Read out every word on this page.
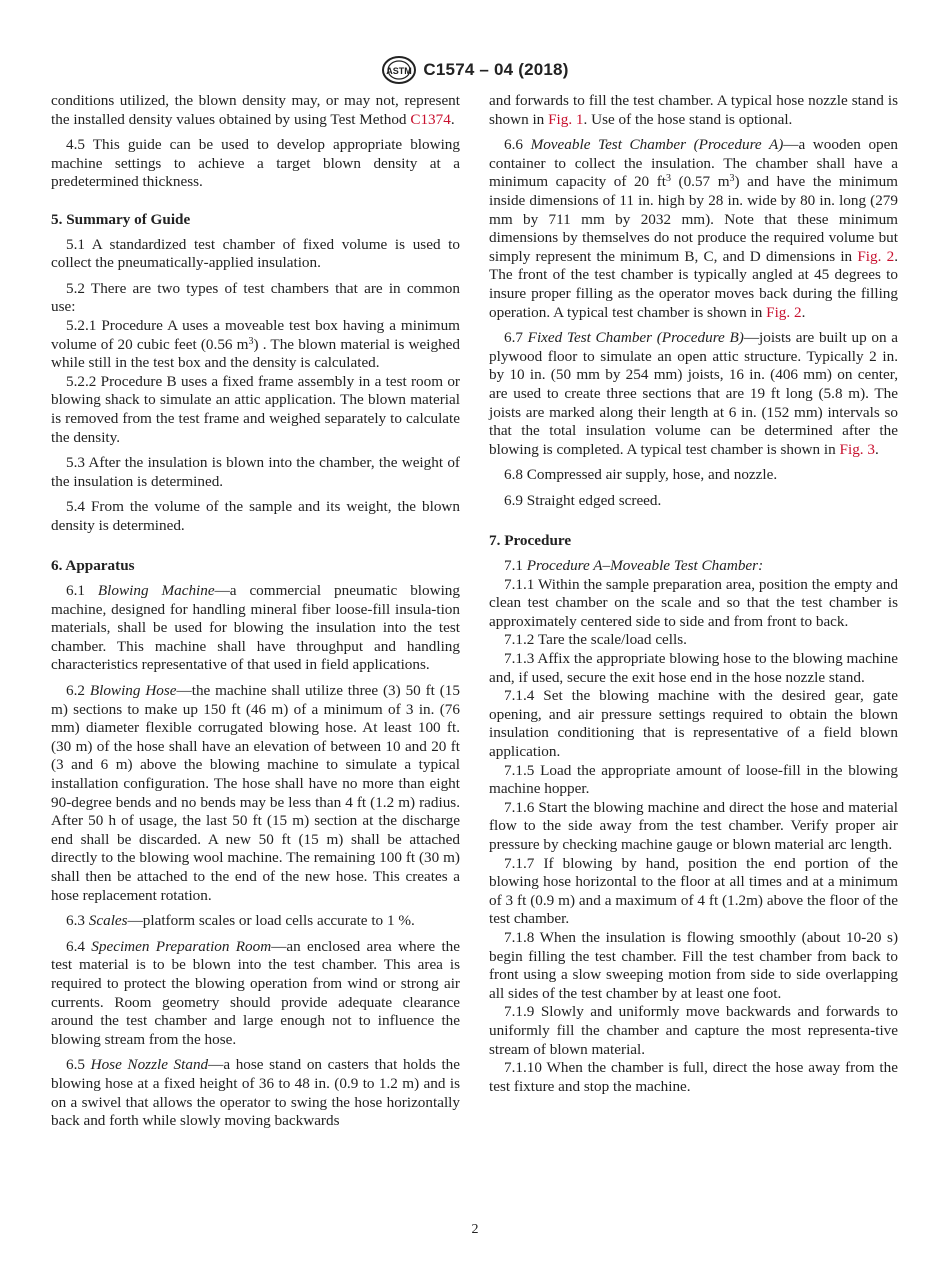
ASTM C1574 – 04 (2018)

conditions utilized, the blown density may, or may not, represent the installed density values obtained by using Test Method C1374.

4.5 This guide can be used to develop appropriate blowing machine settings to achieve a target blown density at a predetermined thickness.

5. Summary of Guide

5.1 A standardized test chamber of fixed volume is used to collect the pneumatically-applied insulation.

5.2 There are two types of test chambers that are in common use:

5.2.1 Procedure A uses a moveable test box having a minimum volume of 20 cubic feet (0.56 $m^3$) . The blown material is weighed while still in the test box and the density is calculated.

5.2.2 Procedure B uses a fixed frame assembly in a test room or blowing shack to simulate an attic application. The blown material is removed from the test frame and weighed separately to calculate the density.

5.3 After the insulation is blown into the chamber, the weight of the insulation is determined.

5.4 From the volume of the sample and its weight, the blown density is determined.

6. Apparatus

6.1 Blowing Machine—a commercial pneumatic blowing machine, designed for handling mineral fiber loose-fill insula-tion materials, shall be used for blowing the insulation into the test chamber. This machine shall have throughput and handling characteristics representative of that used in field applications.

6.2 Blowing Hose—the machine shall utilize three (3) 50 ft (15 m) sections to make up 150 ft (46 m) of a minimum of 3 in. (76 mm) diameter flexible corrugated blowing hose. At least 100 ft. (30 m) of the hose shall have an elevation of between 10 and 20 ft (3 and 6 m) above the blowing machine to simulate a typical installation configuration. The hose shall have no more than eight 90-degree bends and no bends may be less than 4 ft (1.2 m) radius. After 50 h of usage, the last 50 ft (15 m) section at the discharge end shall be discarded. A new 50 ft (15 m) shall be attached directly to the blowing wool machine. The remaining 100 ft (30 m) shall then be attached to the end of the new hose. This creates a hose replacement rotation.

6.3 Scales—platform scales or load cells accurate to 1 %.

6.4 Specimen Preparation Room—an enclosed area where the test material is to be blown into the test chamber. This area is required to protect the blowing operation from wind or strong air currents. Room geometry should provide adequate clearance around the test chamber and large enough not to influence the blowing stream from the hose.

6.5 Hose Nozzle Stand—a hose stand on casters that holds the blowing hose at a fixed height of 36 to 48 in. (0.9 to 1.2 m) and is on a swivel that allows the operator to swing the hose horizontally back and forth while slowly moving backwards

and forwards to fill the test chamber. A typical hose nozzle stand is shown in Fig. 1. Use of the hose stand is optional.

6.6 Moveable Test Chamber (Procedure A)—a wooden open container to collect the insulation. The chamber shall have a minimum capacity of 20 $ft^3$ (0.57 $m^3$) and have the minimum inside dimensions of 11 in. high by 28 in. wide by 80 in. long (279 mm by 711 mm by 2032 mm). Note that these minimum dimensions by themselves do not produce the required volume but simply represent the minimum B, C, and D dimensions in Fig. 2. The front of the test chamber is typically angled at 45 degrees to insure proper filling as the operator moves back during the filling operation. A typical test chamber is shown in Fig. 2.

6.7 Fixed Test Chamber (Procedure B)—joists are built up on a plywood floor to simulate an open attic structure. Typically 2 in. by 10 in. (50 mm by 254 mm) joists, 16 in. (406 mm) on center, are used to create three sections that are 19 ft long (5.8 m). The joists are marked along their length at 6 in. (152 mm) intervals so that the total insulation volume can be determined after the blowing is completed. A typical test chamber is shown in Fig. 3.

6.8 Compressed air supply, hose, and nozzle.

6.9 Straight edged screed.

7. Procedure

7.1 Procedure A–Moveable Test Chamber:

7.1.1 Within the sample preparation area, position the empty and clean test chamber on the scale and so that the test chamber is approximately centered side to side and from front to back.

7.1.2 Tare the scale/load cells.

7.1.3 Affix the appropriate blowing hose to the blowing machine and, if used, secure the exit hose end in the hose nozzle stand.

7.1.4 Set the blowing machine with the desired gear, gate opening, and air pressure settings required to obtain the blown insulation conditioning that is representative of a field blown application.

7.1.5 Load the appropriate amount of loose-fill in the blowing machine hopper.

7.1.6 Start the blowing machine and direct the hose and material flow to the side away from the test chamber. Verify proper air pressure by checking machine gauge or blown material arc length.

7.1.7 If blowing by hand, position the end portion of the blowing hose horizontal to the floor at all times and at a minimum of 3 ft (0.9 m) and a maximum of 4 ft (1.2m) above the floor of the test chamber.

7.1.8 When the insulation is flowing smoothly (about 10-20 s) begin filling the test chamber. Fill the test chamber from back to front using a slow sweeping motion from side to side overlapping all sides of the test chamber by at least one foot.

7.1.9 Slowly and uniformly move backwards and forwards to uniformly fill the chamber and capture the most representa-tive stream of blown material.

7.1.10 When the chamber is full, direct the hose away from the test fixture and stop the machine.

2
